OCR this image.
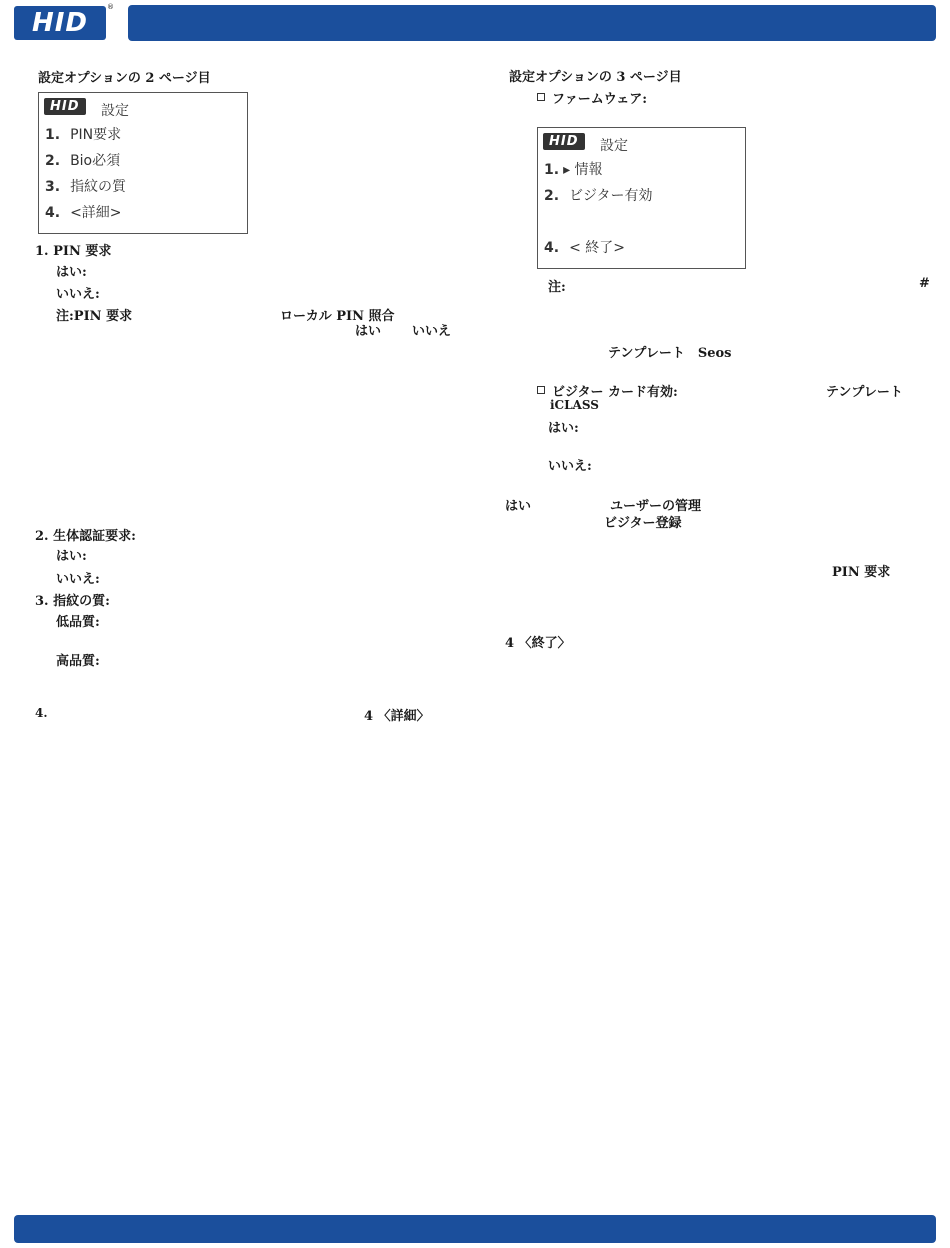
HID
®
設定オプションの 2 ページ目
HID	設定
1. PIN要求
2. Bio必須
3. 指紋の質
4. <詳細>
1. PIN 要求
はい:
いいえ:
注:PIN 要求	ローカル PIN 照合
はい いいえ
2. 生体認証要求:
はい:
いいえ:
3. 指紋の質:
低品質:
高品質:
4.	4 〈詳細〉
設定オプションの 3 ページ目
ファームウェア:
HID	設定
1. ▸ 情報
2. ビジター有効
4. < 終了>
注:	#
テンプレート　Seos
ビジター カード有効:	テンプレート
iCLASS
はい:
いいえ:
はい	ユーザーの管理
ビジター登録
PIN 要求
4 〈終了〉
